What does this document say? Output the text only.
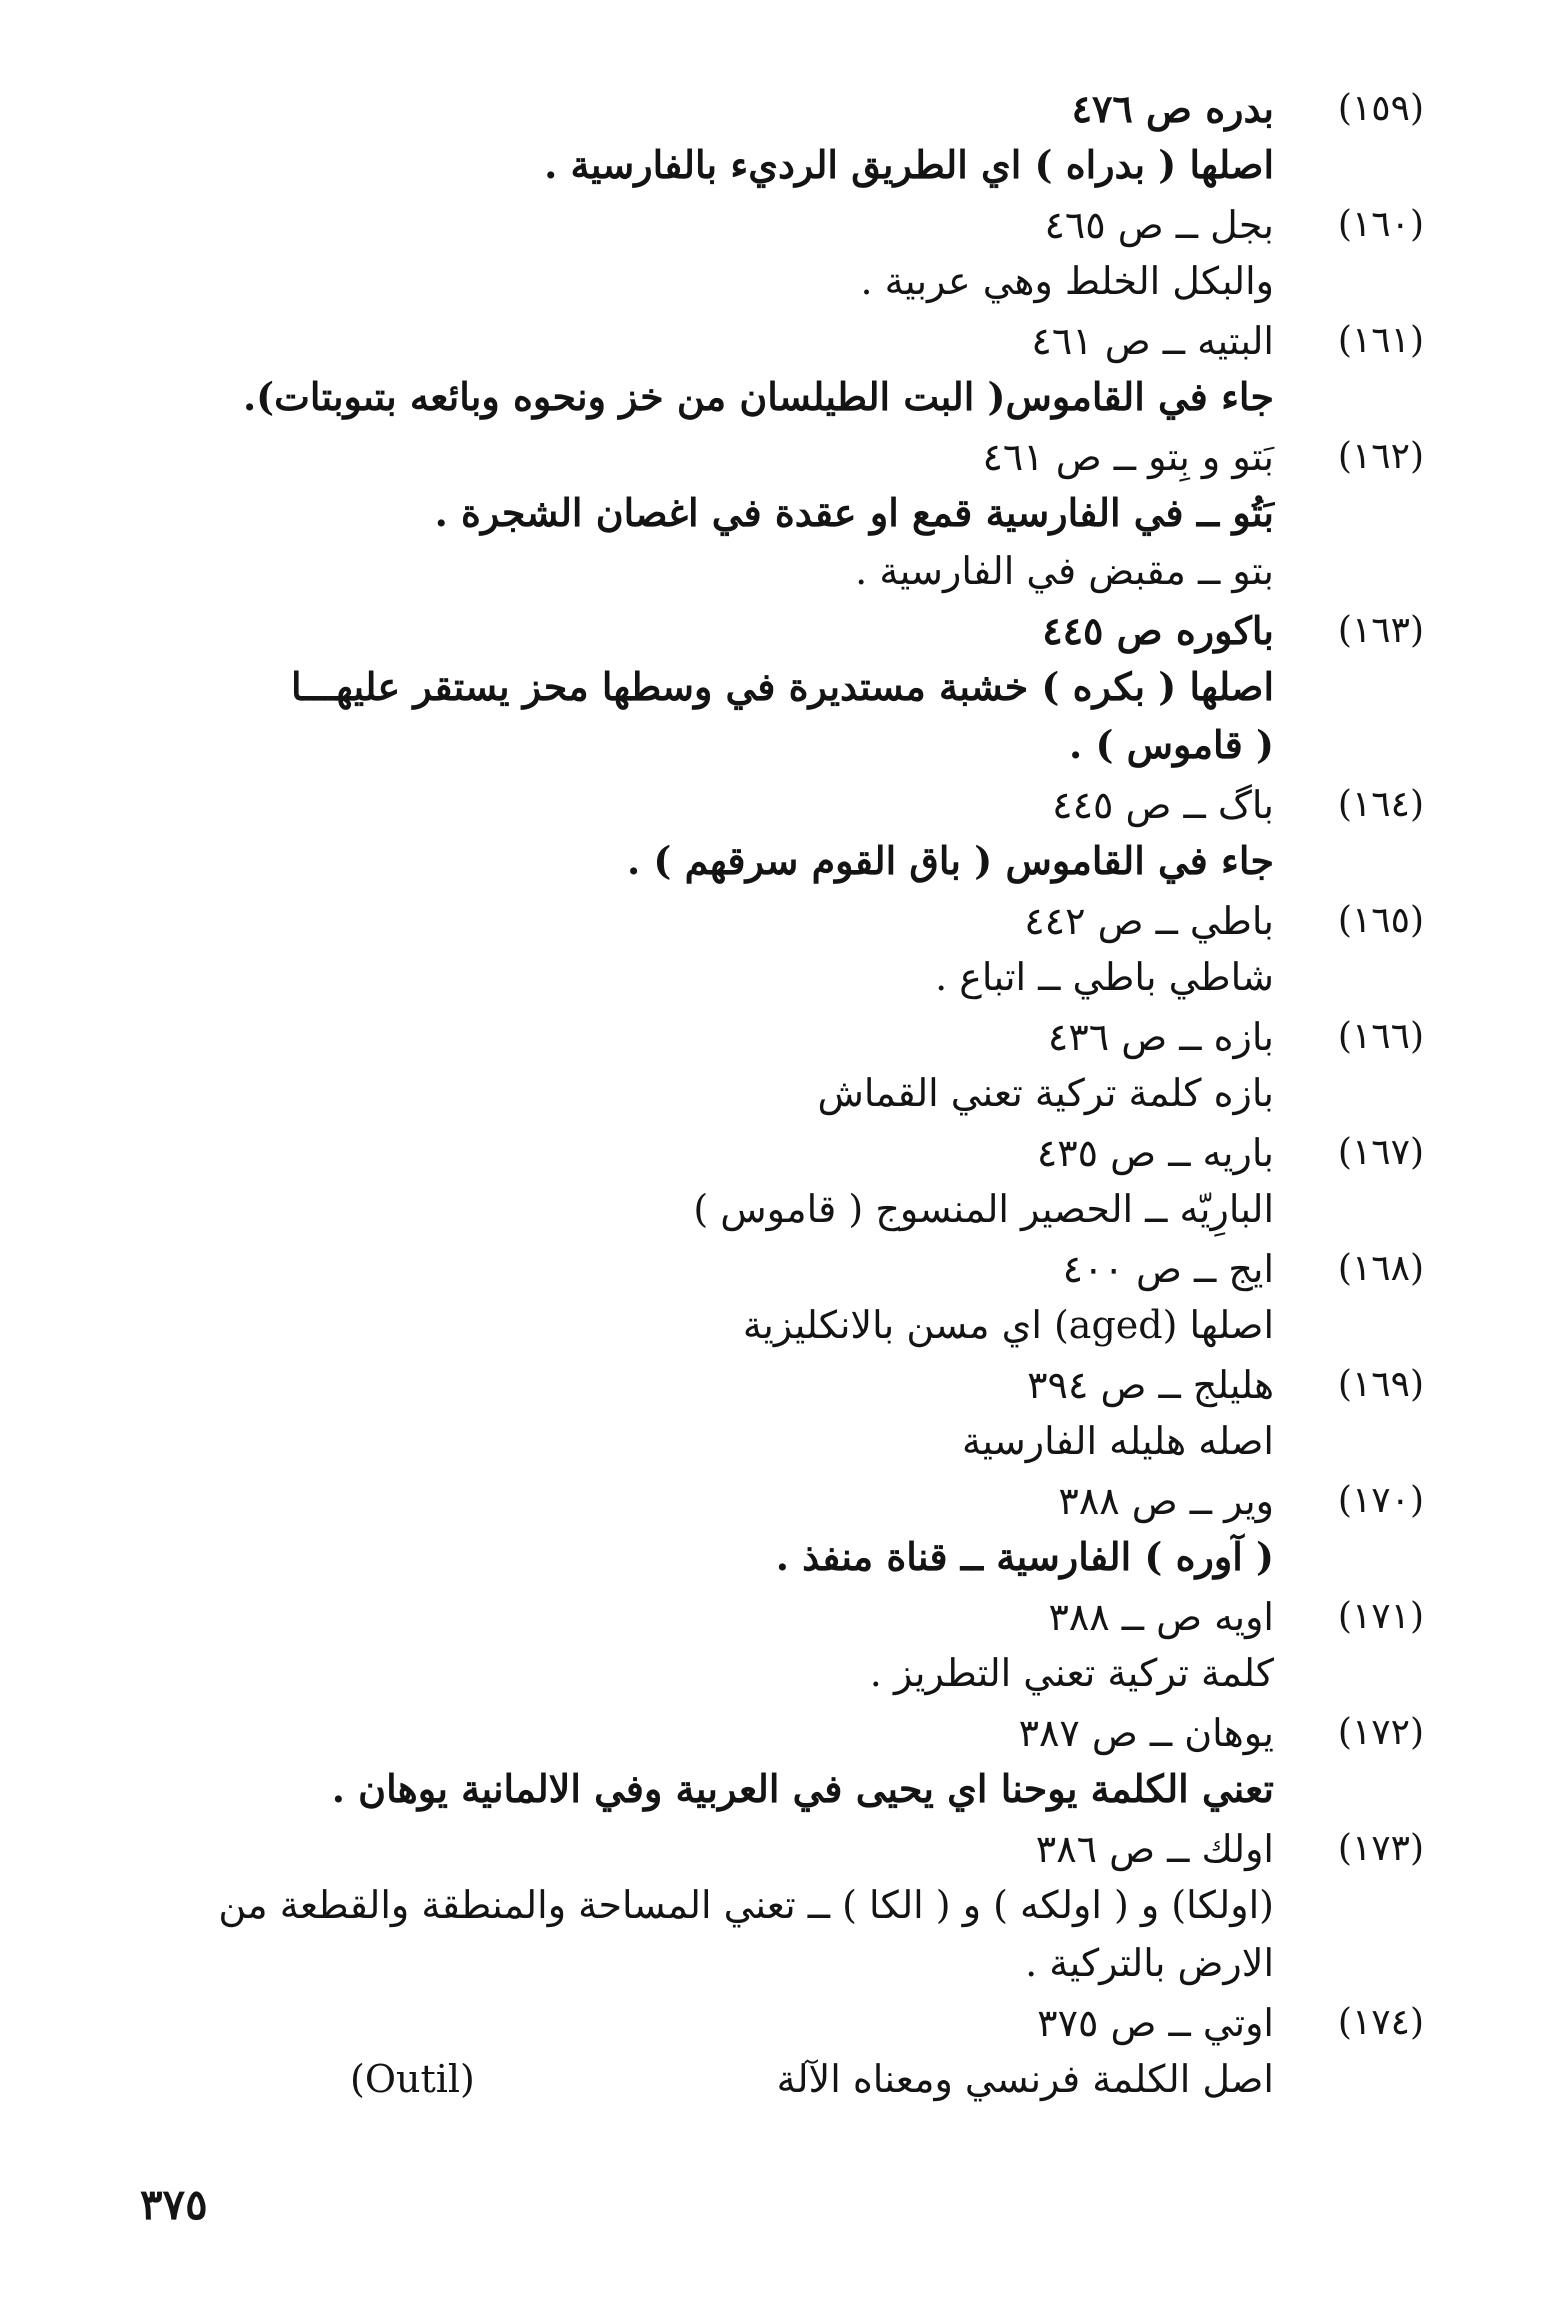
(١٥٩)
بدره ص ٤٧٦
اصلها ( بدراه ) اي الطريق الرديء بالفارسية .
(١٦٠)
بجل ــ ص ٤٦٥
والبكل الخلط وهي عربية .
(١٦١)
البتيه ــ ص ٤٦١
جاء في القاموس( البت الطيلسان من خز ونحوه وبائعه بتىوبتات).
(١٦٢)
بَتو و بِتو ــ ص ٤٦١
بَتُو ــ في الفارسية قمع او عقدة في اغصان الشجرة .
بتو ــ مقبض في الفارسية .
(١٦٣)
باكوره ص ٤٤٥
اصلها ( بكره ) خشبة مستديرة في وسطها محز يستقر عليهـــا
( قاموس ) .
(١٦٤)
باگ ــ ص ٤٤٥
جاء في القاموس ( باق القوم سرقهم ) .
(١٦٥)
باطي ــ ص ٤٤٢
شاطي باطي ــ اتباع .
(١٦٦)
بازه ــ ص ٤٣٦
بازه كلمة تركية تعني القماش
(١٦٧)
باريه ــ ص ٤٣٥
البارِيّه ــ الحصير المنسوج ( قاموس )
(١٦٨)
ايج ــ ص ٤٠٠
اصلها (aged) اي مسن بالانكليزية
(١٦٩)
هليلج ــ ص ٣٩٤
اصله هليله الفارسية
(١٧٠)
وير ــ ص ٣٨٨
( آوره ) الفارسية ــ قناة منفذ .
(١٧١)
اويه ص ــ ٣٨٨
كلمة تركية تعني التطريز .
(١٧٢)
يوهان ــ ص ٣٨٧
تعني الكلمة يوحنا اي يحيى في العربية وفي الالمانية يوهان .
(١٧٣)
اولك ــ ص ٣٨٦
(اولكا) و ( اولكه ) و ( الكا ) ــ تعني المساحة والمنطقة والقطعة من
الارض بالتركية .
(١٧٤)
اوتي ــ ص ٣٧٥
اصل الكلمة فرنسي ومعناه الآلة
(Outil)
٣٧٥
